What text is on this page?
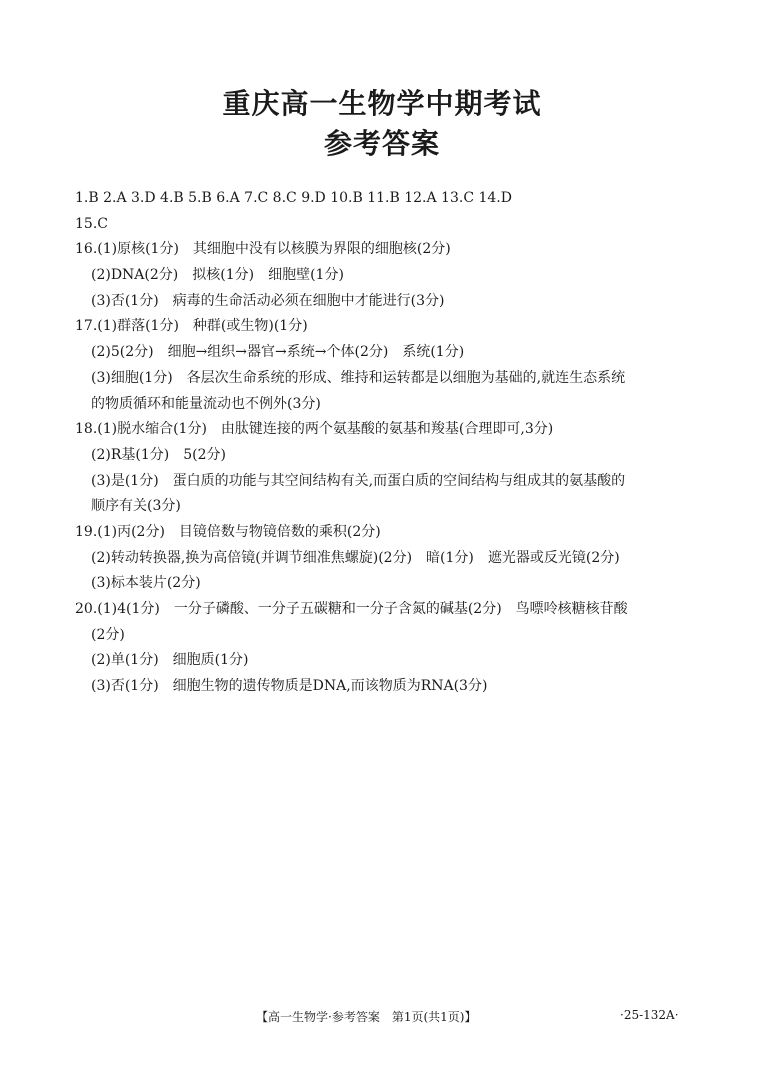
重庆高一生物学中期考试
参考答案
1.B 2.A 3.D 4.B 5.B 6.A 7.C 8.C 9.D 10.B 11.B 12.A 13.C 14.D
15.C
16.(1)原核(1分)　其细胞中没有以核膜为界限的细胞核(2分)
(2)DNA(2分)　拟核(1分)　细胞壁(1分)
(3)否(1分)　病毒的生命活动必须在细胞中才能进行(3分)
17.(1)群落(1分)　种群(或生物)(1分)
(2)5(2分)　细胞→组织→器官→系统→个体(2分)　系统(1分)
(3)细胞(1分)　各层次生命系统的形成、维持和运转都是以细胞为基础的,就连生态系统
的物质循环和能量流动也不例外(3分)
18.(1)脱水缩合(1分)　由肽键连接的两个氨基酸的氨基和羧基(合理即可,3分)
(2)R基(1分)　5(2分)
(3)是(1分)　蛋白质的功能与其空间结构有关,而蛋白质的空间结构与组成其的氨基酸的
顺序有关(3分)
19.(1)丙(2分)　目镜倍数与物镜倍数的乘积(2分)
(2)转动转换器,换为高倍镜(并调节细准焦螺旋)(2分)　暗(1分)　遮光器或反光镜(2分)
(3)标本装片(2分)
20.(1)4(1分)　一分子磷酸、一分子五碳糖和一分子含氮的碱基(2分)　鸟嘌呤核糖核苷酸
(2分)
(2)单(1分)　细胞质(1分)
(3)否(1分)　细胞生物的遗传物质是DNA,而该物质为RNA(3分)
【高一生物学·参考答案　第1页(共1页)】	·25-132A·
